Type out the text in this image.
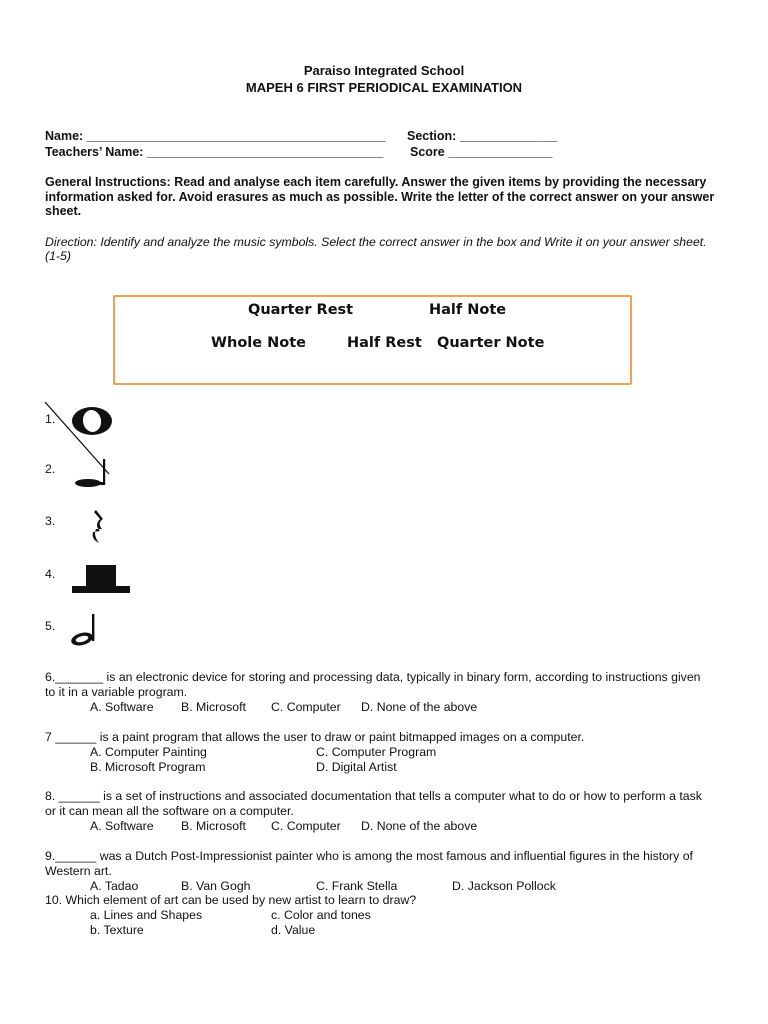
Paraiso Integrated School
MAPEH 6 FIRST PERIODICAL EXAMINATION
Name: ___________________________________________ Section: ______________
Teachers’ Name: __________________________________ Score _______________
General Instructions: Read and analyse each item carefully. Answer the given items by providing the necessary
information asked for. Avoid erasures as much as possible. Write the letter of the correct answer on your answer
sheet.
Direction: Identify and analyze the music symbols. Select the correct answer in the box and Write it on your answer sheet.
(1-5)
Quarter Rest	Half Note
Whole Note	Half Rest Quarter Note
1.
2.
3.
4.
5.
6._______ is an electronic device for storing and processing data, typically in binary form, according to instructions given
to it in a variable program.
A. Software B. Microsoft C. Computer D. None of the above
7 ______ is a paint program that allows the user to draw or paint bitmapped images on a computer.
A. Computer Painting	C. Computer Program
B. Microsoft Program	D. Digital Artist
8. ______ is a set of instructions and associated documentation that tells a computer what to do or how to perform a task
or it can mean all the software on a computer.
A. Software B. Microsoft C. Computer D. None of the above
9.______ was a Dutch Post-Impressionist painter who is among the most famous and influential figures in the history of
Western art.
A. Tadao	B. Van Gogh	C. Frank Stella	D. Jackson Pollock
10. Which element of art can be used by new artist to learn to draw?
a. Lines and Shapes	c. Color and tones
b. Texture	d. Value
